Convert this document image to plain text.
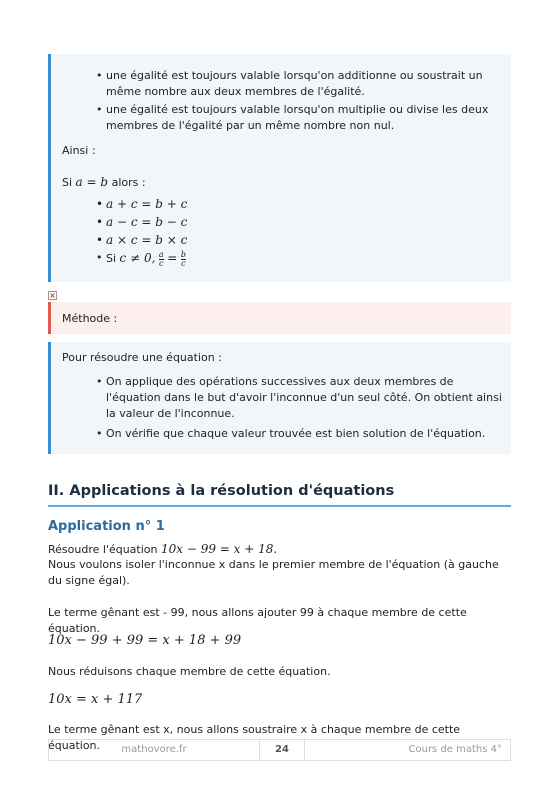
• une égalité est toujours valable lorsqu'on additionne ou soustrait un même nombre aux deux membres de l'égalité.
• une égalité est toujours valable lorsqu'on multiplie ou divise les deux membres de l'égalité par un même nombre non nul.
Ainsi :
Si a = b alors :
• a + c = b + c
• a − c = b − c
• a × c = b × c
• Si c ≠ 0, $\frac{a}{c} = \frac{b}{c}$
×
Méthode :
Pour résoudre une équation :
• On applique des opérations successives aux deux membres de l'équation dans le but d'avoir l'inconnue d'un seul côté. On obtient ainsi la valeur de l'inconnue.
• On vérifie que chaque valeur trouvée est bien solution de l'équation.
II. Applications à la résolution d'équations
Application n° 1
Résoudre l'équation 10x − 99 = x + 18.
Nous voulons isoler l'inconnue x dans le premier membre de l'équation (à gauche du signe égal).
Le terme gênant est - 99, nous allons ajouter 99 à chaque membre de cette équation.
10x − 99 + 99 = x + 18 + 99
Nous réduisons chaque membre de cette équation.
10x = x + 117
Le terme gênant est x, nous allons soustraire x à chaque membre de cette équation.	mathovore.fr	24	Cours de maths 4°
